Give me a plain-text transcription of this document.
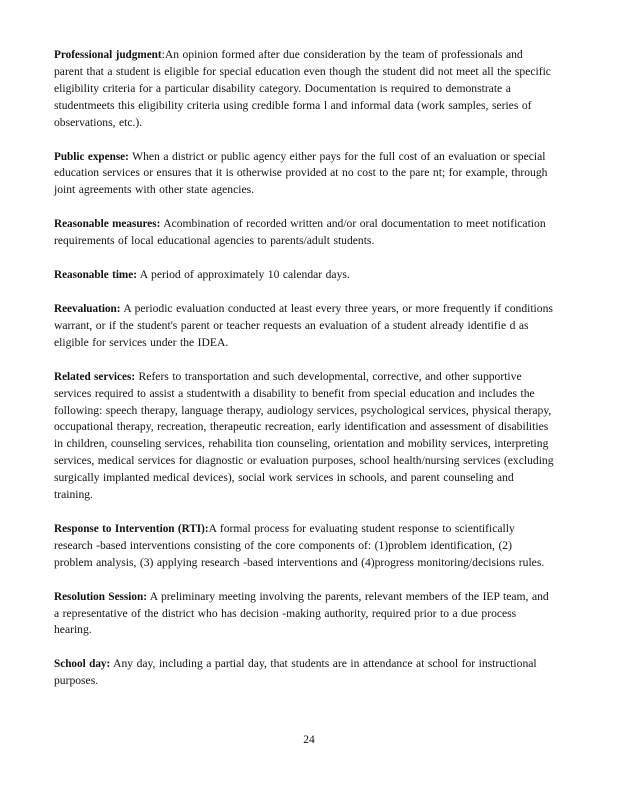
Professional judgment:An opinion formed after due consideration by the team of professionals and parent that a student is eligible for special education even though the student did not meet all the specific eligibility criteria for a particular disability category. Documentation is required to demonstrate a studentmeets this eligibility criteria using credible forma l and informal data (work samples, series of observations, etc.).

Public expense: When a district or public agency either pays for the full cost of an evaluation or special education services or ensures that it is otherwise provided at no cost to the pare nt; for example, through joint agreements with other state agencies.

Reasonable measures: Acombination of recorded written and/or oral documentation to meet notification requirements of local educational agencies to parents/adult students.

Reasonable time: A period of approximately 10 calendar days.

Reevaluation: A periodic evaluation conducted at least every three years, or more frequently if conditions warrant, or if the student's parent or teacher requests an evaluation of a student already identifie d as eligible for services under the IDEA.

Related services: Refers to transportation and such developmental, corrective, and other supportive services required to assist a studentwith a disability to benefit from special education and includes the following: speech therapy, language therapy, audiology services, psychological services, physical therapy, occupational therapy, recreation, therapeutic recreation, early identification and assessment of disabilities in children, counseling services, rehabilita tion counseling, orientation and mobility services, interpreting services, medical services for diagnostic or evaluation purposes, school health/nursing services (excluding surgically implanted medical devices), social work services in schools, and parent counseling and training.

Response to Intervention (RTI):A formal process for evaluating student response to scientifically research -based interventions consisting of the core components of: (1)problem identification, (2) problem analysis, (3) applying research -based interventions and (4)progress monitoring/decisions rules.

Resolution Session: A preliminary meeting involving the parents, relevant members of the IEP team, and a representative of the district who has decision -making authority, required prior to a due process hearing.

School day: Any day, including a partial day, that students are in attendance at school for instructional purposes.

24
